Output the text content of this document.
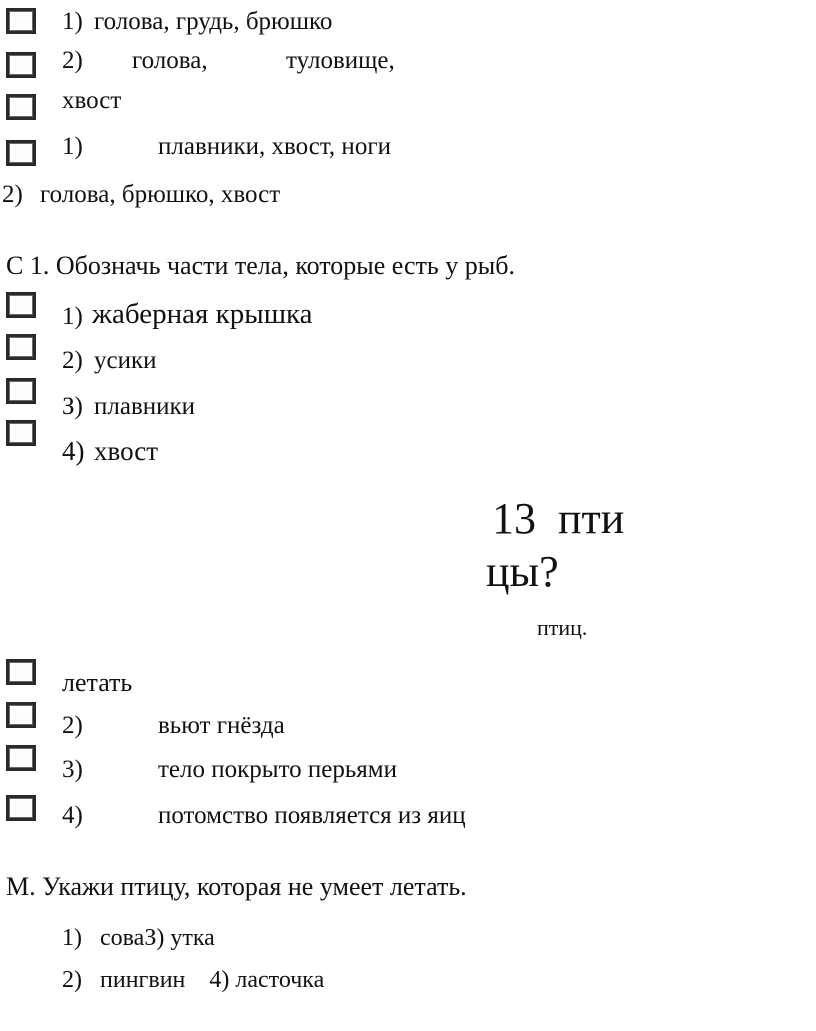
1) голова, грудь, брюшко
2) голова,	туловище,
хвост
1)	плавники, хвост, ноги
2) голова, брюшко, хвост
С 1. Обозначь части тела, которые есть у рыб.
1) жаберная крышка
2) усики
З) плавники
4) хвост
13  пти
цы?
птиц.
летать
2)	вьют гнёзда
3)	тело покрыто перьями
4)	потомство появляется из яиц
М. Укажи птицу, которая не умеет летать.
1) соваЗ) утка
2) пингвин    4) ласточка
